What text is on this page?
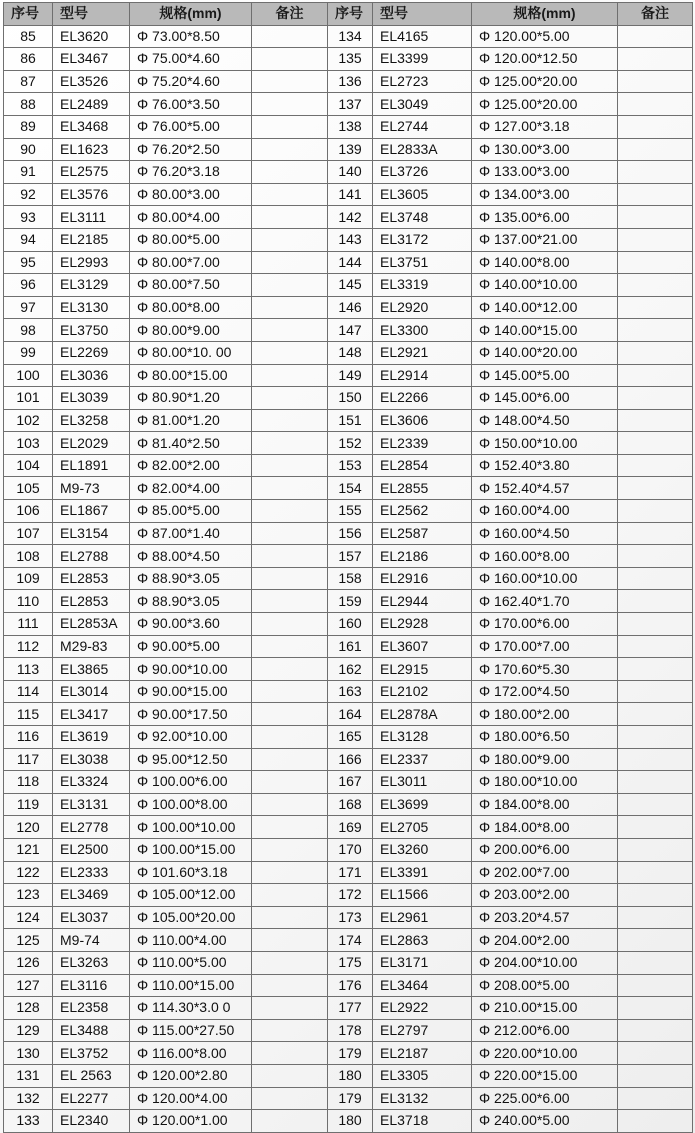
序号	型号	规格(mm)	备注	序号	型号	规格(mm)	备注
85	EL3620	Φ 73.00*8.50		134	EL4165	Φ 120.00*5.00	
86	EL3467	Φ 75.00*4.60		135	EL3399	Φ 120.00*12.50	
87	EL3526	Φ 75.20*4.60		136	EL2723	Φ 125.00*20.00	
88	EL2489	Φ 76.00*3.50		137	EL3049	Φ 125.00*20.00	
89	EL3468	Φ 76.00*5.00		138	EL2744	Φ 127.00*3.18	
90	EL1623	Φ 76.20*2.50		139	EL2833A	Φ 130.00*3.00	
91	EL2575	Φ 76.20*3.18		140	EL3726	Φ 133.00*3.00	
92	EL3576	Φ 80.00*3.00		141	EL3605	Φ 134.00*3.00	
93	EL3111	Φ 80.00*4.00		142	EL3748	Φ 135.00*6.00	
94	EL2185	Φ 80.00*5.00		143	EL3172	Φ 137.00*21.00	
95	EL2993	Φ 80.00*7.00		144	EL3751	Φ 140.00*8.00	
96	EL3129	Φ 80.00*7.50		145	EL3319	Φ 140.00*10.00	
97	EL3130	Φ 80.00*8.00		146	EL2920	Φ 140.00*12.00	
98	EL3750	Φ 80.00*9.00		147	EL3300	Φ 140.00*15.00	
99	EL2269	Φ 80.00*10. 00		148	EL2921	Φ 140.00*20.00	
100	EL3036	Φ 80.00*15.00		149	EL2914	Φ 145.00*5.00	
101	EL3039	Φ 80.90*1.20		150	EL2266	Φ 145.00*6.00	
102	EL3258	Φ 81.00*1.20		151	EL3606	Φ 148.00*4.50	
103	EL2029	Φ 81.40*2.50		152	EL2339	Φ 150.00*10.00	
104	EL1891	Φ 82.00*2.00		153	EL2854	Φ 152.40*3.80	
105	M9-73	Φ 82.00*4.00		154	EL2855	Φ 152.40*4.57	
106	EL1867	Φ 85.00*5.00		155	EL2562	Φ 160.00*4.00	
107	EL3154	Φ 87.00*1.40		156	EL2587	Φ 160.00*4.50	
108	EL2788	Φ 88.00*4.50		157	EL2186	Φ 160.00*8.00	
109	EL2853	Φ 88.90*3.05		158	EL2916	Φ 160.00*10.00	
110	EL2853	Φ 88.90*3.05		159	EL2944	Φ 162.40*1.70	
111	EL2853A	Φ 90.00*3.60		160	EL2928	Φ 170.00*6.00	
112	M29-83	Φ 90.00*5.00		161	EL3607	Φ 170.00*7.00	
113	EL3865	Φ 90.00*10.00		162	EL2915	Φ 170.60*5.30	
114	EL3014	Φ 90.00*15.00		163	EL2102	Φ 172.00*4.50	
115	EL3417	Φ 90.00*17.50		164	EL2878A	Φ 180.00*2.00	
116	EL3619	Φ 92.00*10.00		165	EL3128	Φ 180.00*6.50	
117	EL3038	Φ 95.00*12.50		166	EL2337	Φ 180.00*9.00	
118	EL3324	Φ 100.00*6.00		167	EL3011	Φ 180.00*10.00	
119	EL3131	Φ 100.00*8.00		168	EL3699	Φ 184.00*8.00	
120	EL2778	Φ 100.00*10.00		169	EL2705	Φ 184.00*8.00	
121	EL2500	Φ 100.00*15.00		170	EL3260	Φ 200.00*6.00	
122	EL2333	Φ 101.60*3.18		171	EL3391	Φ 202.00*7.00	
123	EL3469	Φ 105.00*12.00		172	EL1566	Φ 203.00*2.00	
124	EL3037	Φ 105.00*20.00		173	EL2961	Φ 203.20*4.57	
125	M9-74	Φ 110.00*4.00		174	EL2863	Φ 204.00*2.00	
126	EL3263	Φ 110.00*5.00		175	EL3171	Φ 204.00*10.00	
127	EL3116	Φ 110.00*15.00		176	EL3464	Φ 208.00*5.00	
128	EL2358	Φ 114.30*3.0 0		177	EL2922	Φ 210.00*15.00	
129	EL3488	Φ 115.00*27.50		178	EL2797	Φ 212.00*6.00	
130	EL3752	Φ 116.00*8.00		179	EL2187	Φ 220.00*10.00	
131	EL 2563	Φ 120.00*2.80		180	EL3305	Φ 220.00*15.00	
132	EL2277	Φ 120.00*4.00		179	EL3132	Φ 225.00*6.00	
133	EL2340	Φ 120.00*1.00		180	EL3718	Φ 240.00*5.00	
